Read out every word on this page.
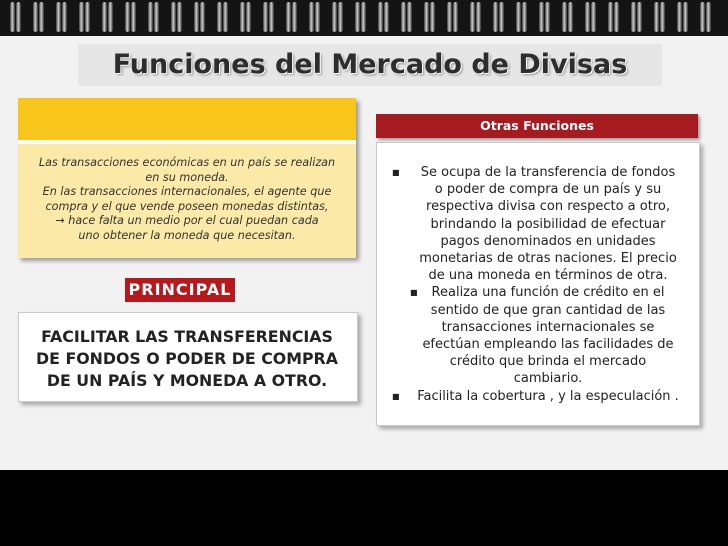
Funciones del Mercado de Divisas
Las transacciones económicas en un país se realizan
en su moneda.
En las transacciones internacionales, el agente que
compra y el que vende poseen monedas distintas,
→ hace falta un medio por el cual puedan cada
uno obtener la moneda que necesitan.
PRINCIPAL
FACILITAR LAS TRANSFERENCIAS
DE FONDOS O PODER DE COMPRA
DE UN PAÍS Y MONEDA A OTRO.
Otras Funciones
■	Se ocupa de la transferencia de fondos
o poder de compra de un país y su
respectiva divisa con respecto a otro,
brindando la posibilidad de efectuar
pagos denominados en unidades
monetarias de otras naciones. El precio
de una moneda en términos de otra.
■	Realiza una función de crédito en el
sentido de que gran cantidad de las
transacciones internacionales se
efectúan empleando las facilidades de
crédito que brinda el mercado
cambiario.
■	Facilita la cobertura , y la especulación .
